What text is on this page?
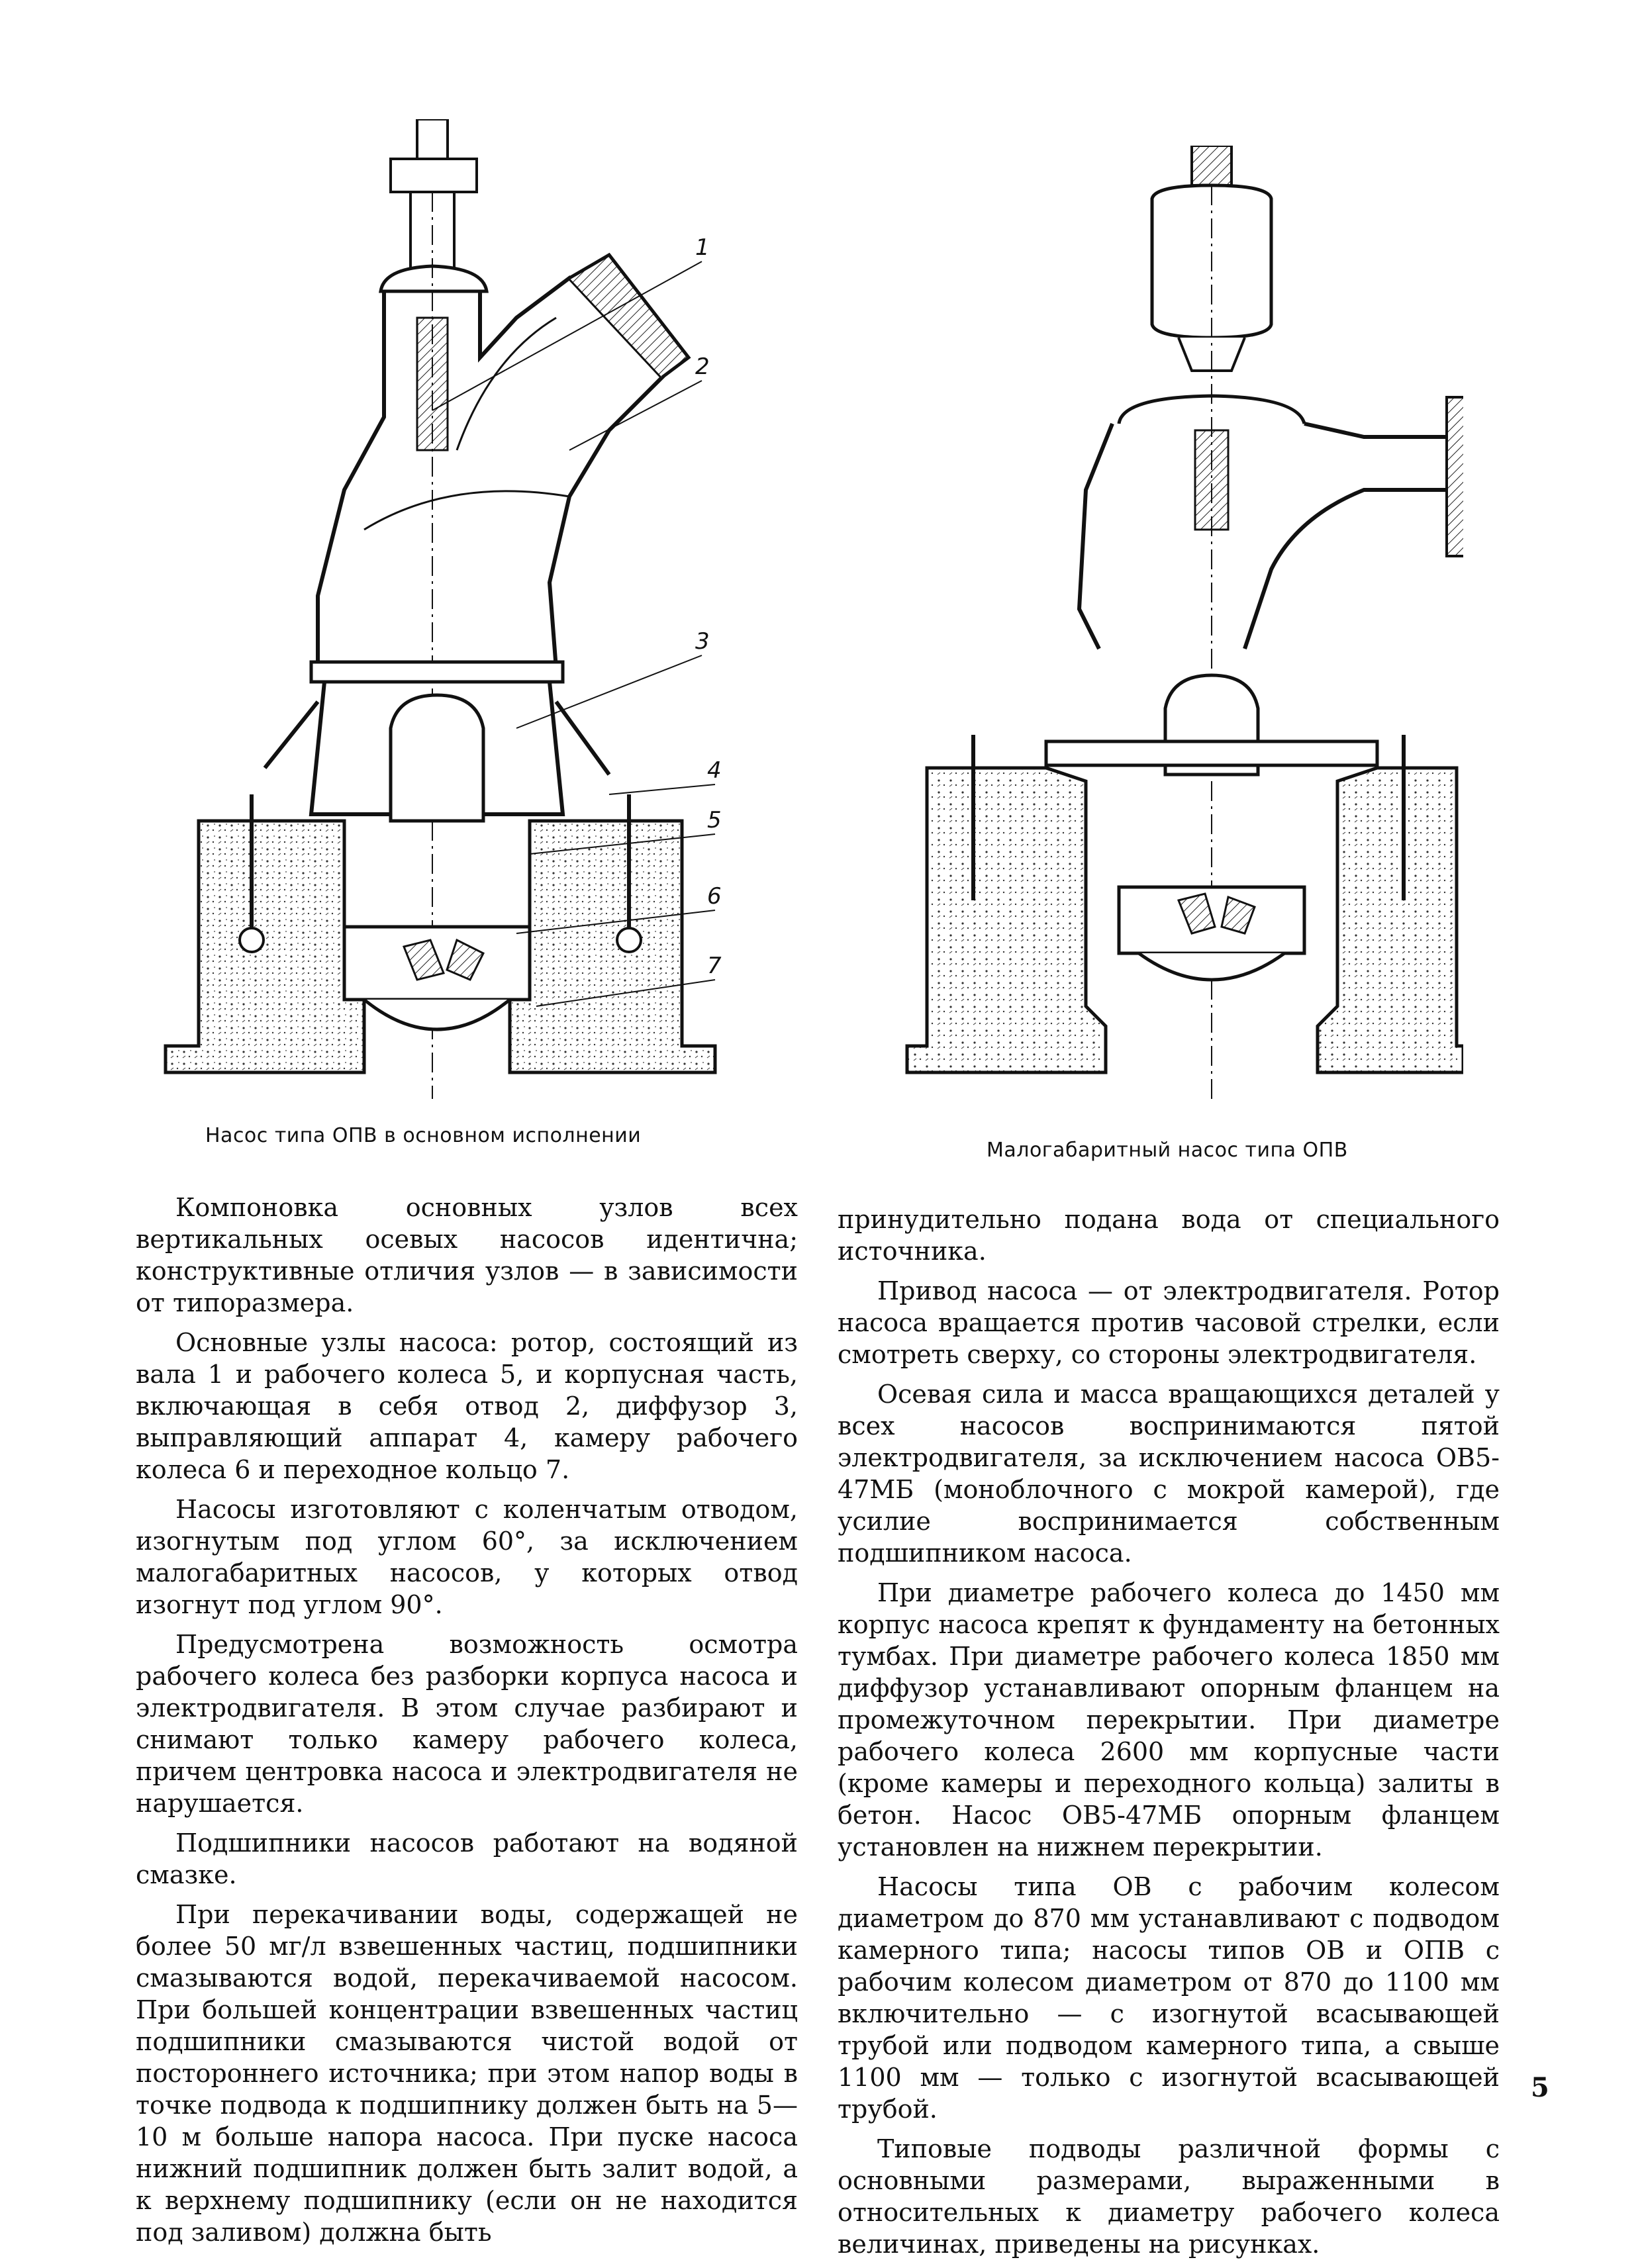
1
2
3
4
5
6
7
Насос типа ОПВ в основном исполнении
Малогабаритный насос типа ОПВ

Компоновка основных узлов всех вертикальных осевых насосов идентична; конструктивные отличия узлов — в зависимости от типоразмера.

Основные узлы насоса: ротор, состоящий из вала 1 и рабочего колеса 5, и корпусная часть, включающая в себя отвод 2, диффузор 3, выправляющий аппарат 4, камеру рабочего колеса 6 и переходное кольцо 7.

Насосы изготовляют с коленчатым отводом, изогнутым под углом 60°, за исключением малогабаритных насосов, у которых отвод изогнут под углом 90°.

Предусмотрена возможность осмотра рабочего колеса без разборки корпуса насоса и электродвигателя. В этом случае разбирают и снимают только камеру рабочего колеса, причем центровка насоса и электродвигателя не нарушается.

Подшипники насосов работают на водяной смазке.

При перекачивании воды, содержащей не более 50 мг/л взвешенных частиц, подшипники смазываются водой, перекачиваемой насосом. При большей концентрации взвешенных частиц подшипники смазываются чистой водой от постороннего источника; при этом напор воды в точке подвода к подшипнику должен быть на 5—10 м больше напора насоса. При пуске насоса нижний подшипник должен быть залит водой, а к верхнему подшипнику (если он не находится под заливом) должна быть

принудительно подана вода от специального источника.

Привод насоса — от электродвигателя. Ротор насоса вращается против часовой стрелки, если смотреть сверху, со стороны электродвигателя.

Осевая сила и масса вращающихся деталей у всех насосов воспринимаются пятой электродвигателя, за исключением насоса ОВ5-47МБ (моноблочного с мокрой камерой), где усилие воспринимается собственным подшипником насоса.

При диаметре рабочего колеса до 1450 мм корпус насоса крепят к фундаменту на бетонных тумбах. При диаметре рабочего колеса 1850 мм диффузор устанавливают опорным фланцем на промежуточном перекрытии. При диаметре рабочего колеса 2600 мм корпусные части (кроме камеры и переходного кольца) залиты в бетон. Насос ОВ5-47МБ опорным фланцем установлен на нижнем перекрытии.

Насосы типа ОВ с рабочим колесом диаметром до 870 мм устанавливают с подводом камерного типа; насосы типов ОВ и ОПВ с рабочим колесом диаметром от 870 до 1100 мм включительно — с изогнутой всасывающей трубой или подводом камерного типа, а свыше 1100 мм — только с изогнутой всасывающей трубой.

Типовые подводы различной формы с основными размерами, выраженными в относительных к диаметру рабочего колеса величинах, приведены на рисунках.

5
